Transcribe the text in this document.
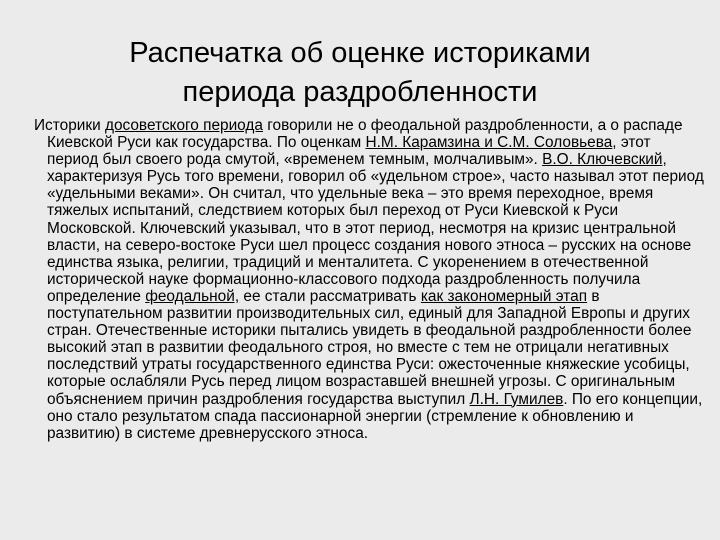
Распечатка об оценке историками
периода раздробленности

Историки досоветского периода говорили не о феодальной раздробленности, а о распаде Киевской Руси как государства. По оценкам Н.М. Карамзина и С.М. Соловьева, этот период был своего рода смутой, «временем темным, молчаливым». В.О. Ключевский, характеризуя Русь того времени, говорил об «удельном строе», часто называл этот период «удельными веками». Он считал, что удельные века – это время переходное, время тяжелых испытаний, следствием которых был переход от Руси Киевской к Руси Московской. Ключевский указывал, что в этот период, несмотря на кризис центральной власти, на северо-востоке Руси шел процесс создания нового этноса – русских на основе единства языка, религии, традиций и менталитета. С укоренением в отечественной исторической науке формационно-классового подхода раздробленность получила определение феодальной, ее стали рассматривать как закономерный этап в поступательном развитии производительных сил, единый для Западной Европы и других стран. Отечественные историки пытались увидеть в феодальной раздробленности более высокий этап в развитии феодального строя, но вместе с тем не отрицали негативных последствий утраты государственного единства Руси: ожесточенные княжеские усобицы, которые ослабляли Русь перед лицом возраставшей внешней угрозы. С оригинальным объяснением причин раздробления государства выступил Л.Н. Гумилев. По его концепции, оно стало результатом спада пассионарной энергии (стремление к обновлению и развитию) в системе древнерусского этноса.
